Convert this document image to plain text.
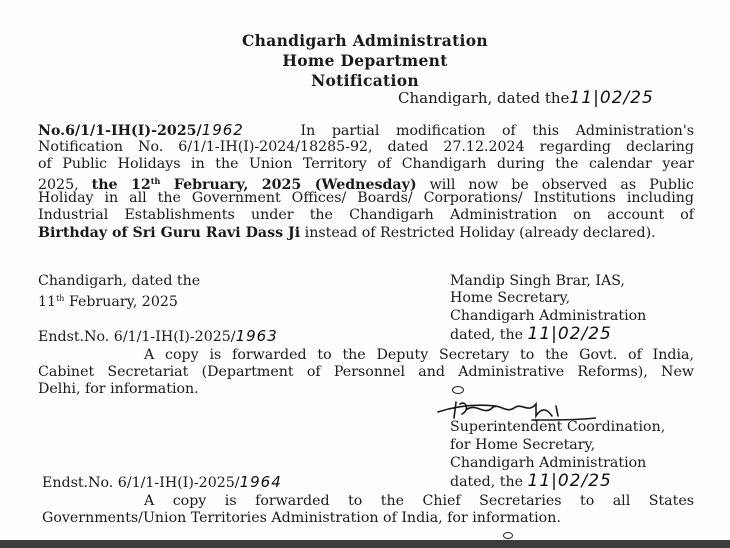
Chandigarh Administration
Home Department
Notification
Chandigarh, dated the11|02/25
No.6/1/1-IH(I)-2025/1962	In partial modification of this Administration's
Notification No. 6/1/1-IH(I)-2024/18285-92, dated 27.12.2024 regarding declaring
of Public Holidays in the Union Territory of Chandigarh during the calendar year
2025, the 12th February, 2025 (Wednesday) will now be observed as Public
Holiday in all the Government Offices/ Boards/ Corporations/ Institutions including
Industrial Establishments under the Chandigarh Administration on account of
Birthday of Sri Guru Ravi Dass Ji instead of Restricted Holiday (already declared).
Chandigarh, dated the
11th February, 2025
Mandip Singh Brar, IAS,
Home Secretary,
Chandigarh Administration
dated, the 11|02/25
Endst.No. 6/1/1-IH(I)-2025/1963
A copy is forwarded to the Deputy Secretary to the Govt. of India,
Cabinet Secretariat (Department of Personnel and Administrative Reforms), New
Delhi, for information.
Superintendent Coordination,
for Home Secretary,
Chandigarh Administration
dated, the 11|02/25
Endst.No. 6/1/1-IH(I)-2025/1964
A copy is forwarded to the Chief Secretaries to all States
Governments/Union Territories Administration of India, for information.
